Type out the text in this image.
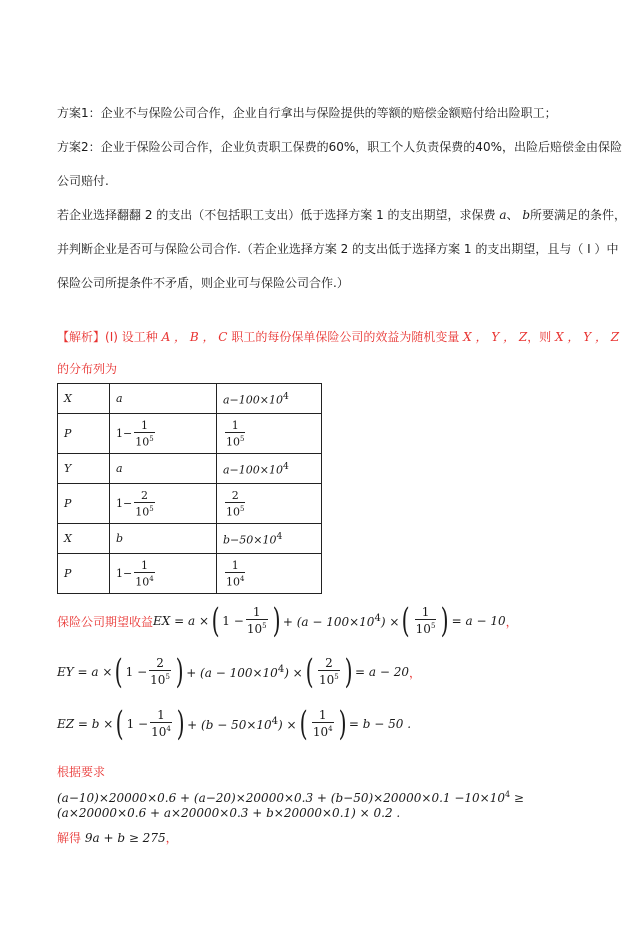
方案1：企业不与保险公司合作，企业自行拿出与保险提供的等额的赔偿金额赔付给出险职工；
方案2：企业于保险公司合作，企业负责职工保费的60%，职工个人负责保费的40%，出险后赔偿金由保险
公司赔付.
若企业选择翻翻 2 的支出（不包括职工支出）低于选择方案 1 的支出期望，求保费 a、 b所要满足的条件，
并判断企业是否可与保险公司合作.（若企业选择方案 2 的支出低于选择方案 1 的支出期望，且与（ Ⅰ ）中
保险公司所提条件不矛盾，则企业可与保险公司合作.）
【解析】(Ⅰ) 设工种 A ， B ， C 职工的每份保单保险公司的效益为随机变量 X ， Y ， Z，则 X ， Y ， Z
的分布列为
X	a	$a-100\times 10^4$
P	$1- \frac{1}{10^5}$	$\frac{1}{10^5}$

Y	a	$a-100\times 10^4$
P	$1- \frac{2}{10^5}$	$\frac{2}{10^5}$

X	b	$b-50\times 10^4$
P	$1- \frac{1}{10^4}$	$\frac{1}{10^4}$
保险公司期望收益 EX = a × ( $1 - \frac{1}{10^5}$ ) + $(a - 100\times 10^4)$ × ( $\frac{1}{10^5}$ ) = a − 10 ，
EY = a × ( $1 - \frac{2}{10^5}$ ) + $(a - 100\times 10^4)$ × ( $\frac{2}{10^5}$ ) = a − 20 ，
EZ = b × ( $1 - \frac{1}{10^4}$ ) + $(b - 50\times 10^4)$ × ( $\frac{1}{10^4}$ ) = b − 50 .
根据要求
$(a-10)\times 20000\times 0.6 + (a-20)\times 20000\times 0.3 + (b-50)\times 20000\times 0.1 -10\times 10^4$ ≥
(a×20000×0.6 + a×20000×0.3 + b×20000×0.1) × 0.2 .
解得 9a + b ≥ 275，
